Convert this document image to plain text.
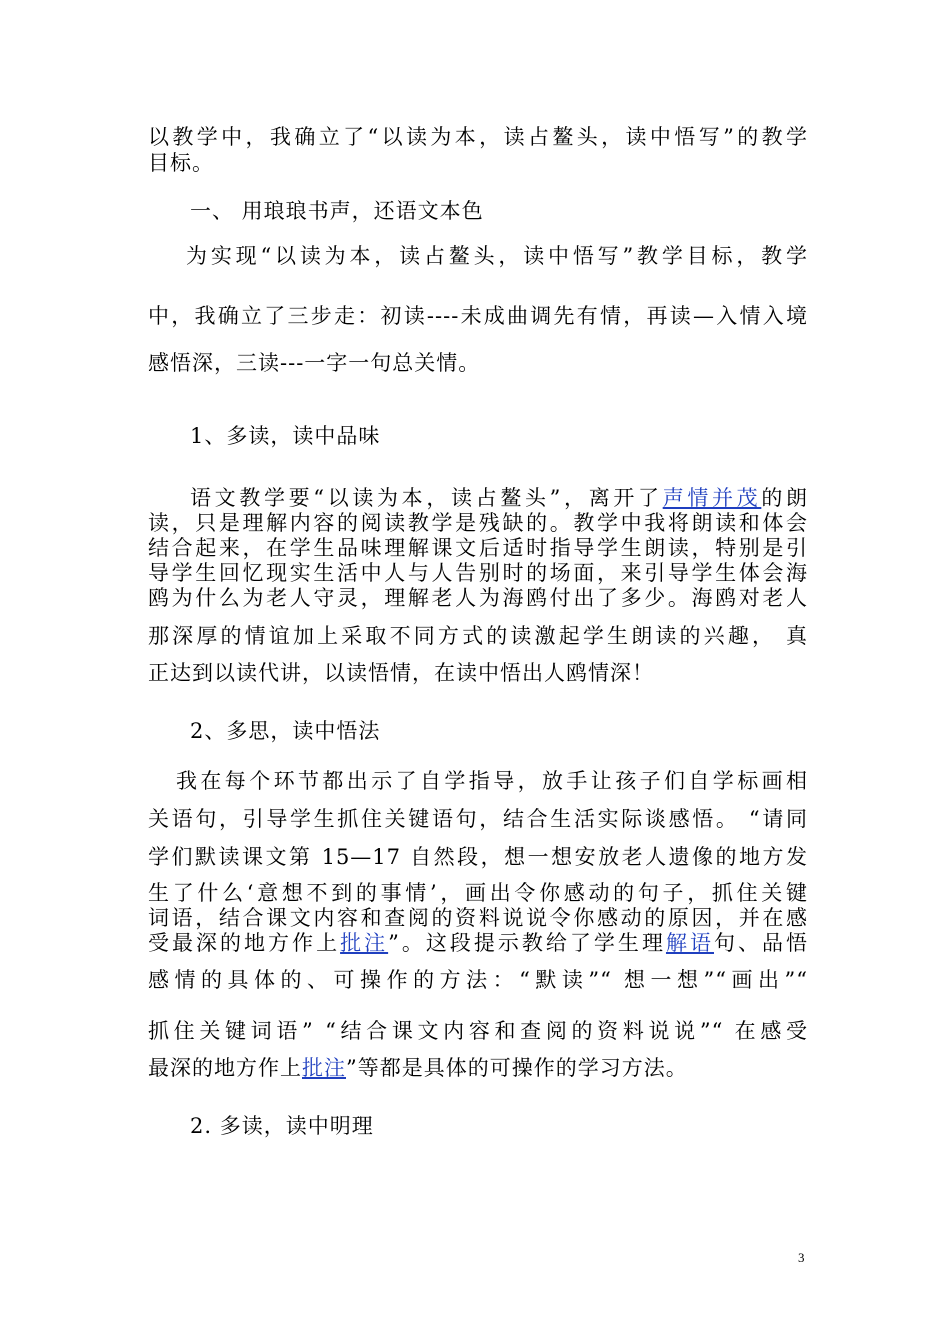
以教学中，我确立了“以读为本，读占鳌头，读中悟写”的教学
目标。
一、 用琅琅书声，还语文本色
为实现“以读为本，读占鳌头，读中悟写”教学目标，教学
中，我确立了三步走：初读----未成曲调先有情，再读—入情入境
感悟深，三读---一字一句总关情。
1、多读，读中品味
语文教学要“以读为本，读占鳌头”，离开了声情并茂的朗
读，只是理解内容的阅读教学是残缺的。教学中我将朗读和体会
结合起来，在学生品味理解课文后适时指导学生朗读，特别是引
导学生回忆现实生活中人与人告别时的场面，来引导学生体会海
鸥为什么为老人守灵，理解老人为海鸥付出了多少。海鸥对老人
那深厚的情谊加上采取不同方式的读激起学生朗读的兴趣， 真
正达到以读代讲，以读悟情，在读中悟出人鸥情深！
2、多思，读中悟法
我在每个环节都出示了自学指导，放手让孩子们自学标画相
关语句，引导学生抓住关键语句，结合生活实际谈感悟。 “请同
学们默读课文第 15—17 自然段，想一想安放老人遗像的地方发
生了什么‘意想不到的事情’，画出令你感动的句子，抓住关键
词语，结合课文内容和查阅的资料说说令你感动的原因，并在感
受最深的地方作上批注”。这段提示教给了学生理解语句、品悟
感情的具体的、可操作的方法：“默读”“ 想一想”“画出”“
抓住关键词语” “结合课文内容和查阅的资料说说”“ 在感受
最深的地方作上批注”等都是具体的可操作的学习方法。
2. 多读，读中明理
3
